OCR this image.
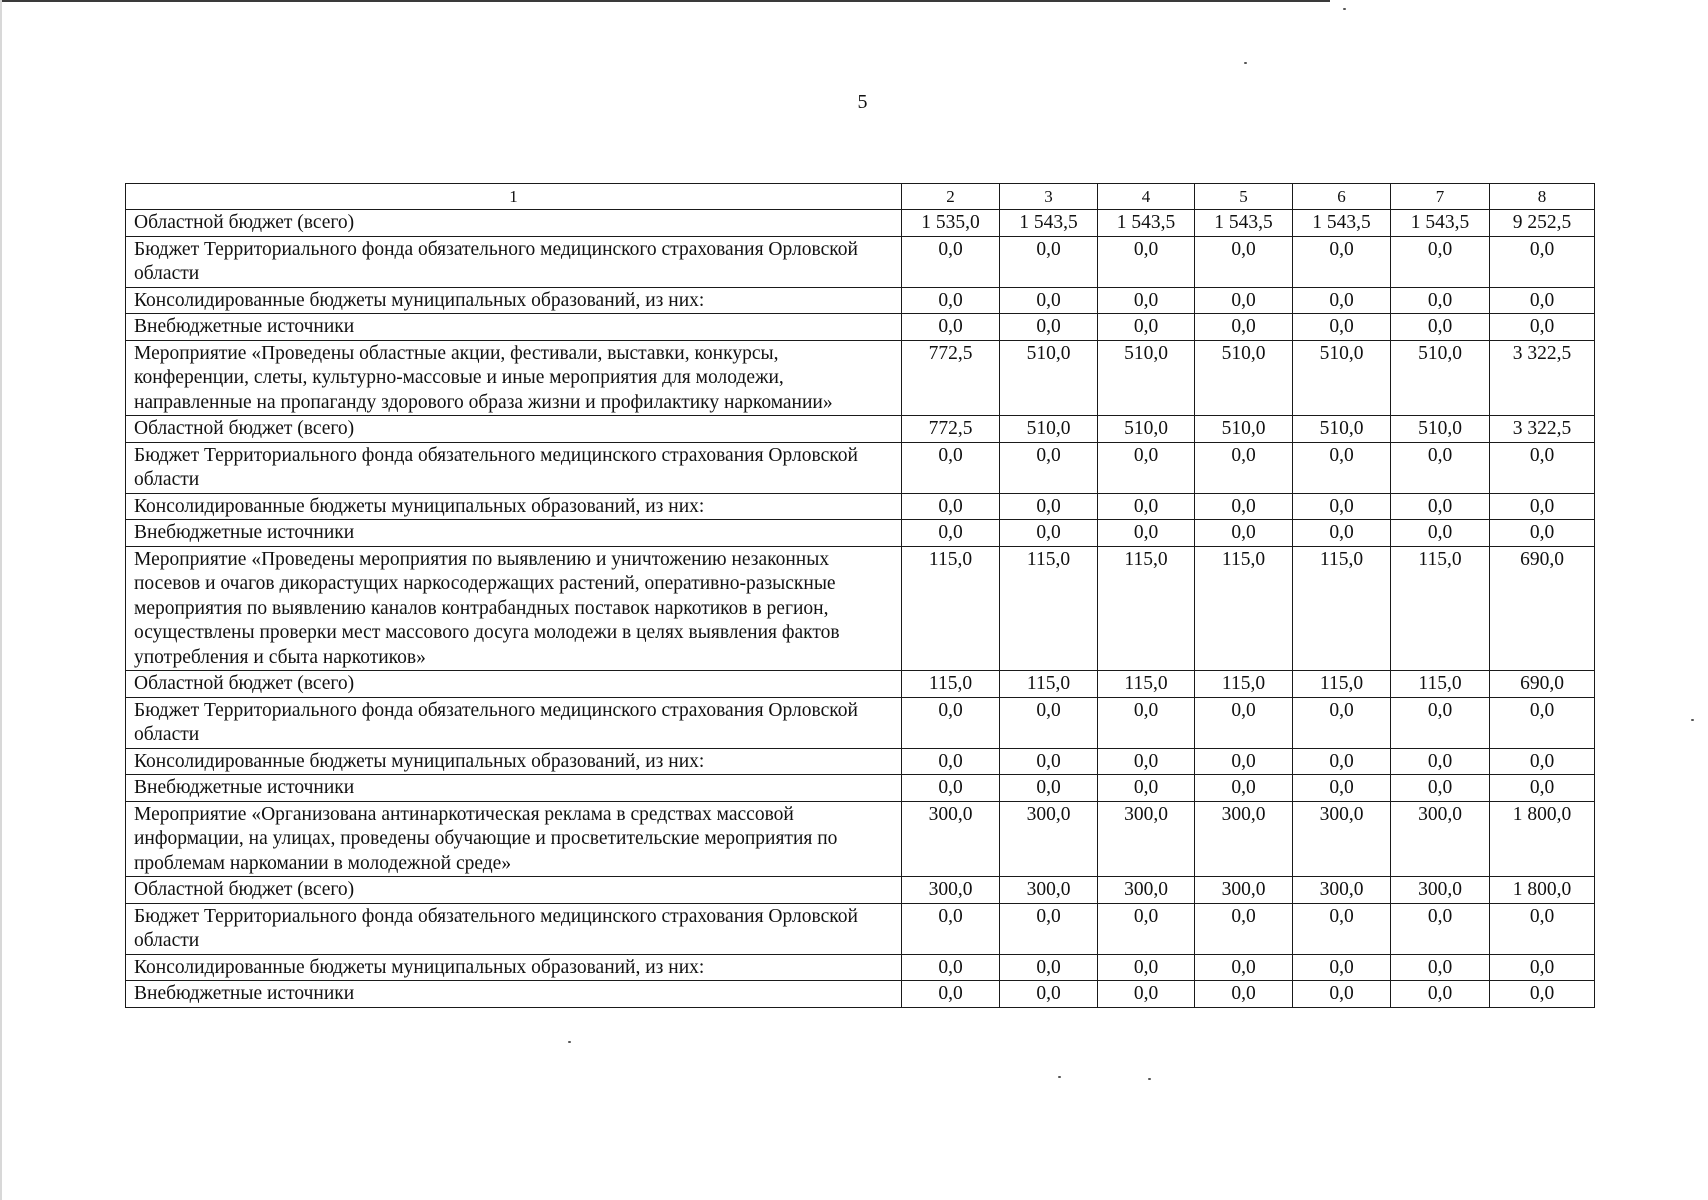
5
1	2	3	4	5	6	7	8
Областной бюджет (всего)	1 535,0	1 543,5	1 543,5	1 543,5	1 543,5	1 543,5	9 252,5
Бюджет Территориального фонда обязательного медицинского страхования Орловской области	0,0	0,0	0,0	0,0	0,0	0,0	0,0
Консолидированные бюджеты муниципальных образований, из них:	0,0	0,0	0,0	0,0	0,0	0,0	0,0
Внебюджетные источники	0,0	0,0	0,0	0,0	0,0	0,0	0,0
Мероприятие «Проведены областные акции, фестивали, выставки, конкурсы, конференции, слеты, культурно-массовые и иные мероприятия для молодежи, направленные на пропаганду здорового образа жизни и профилактику наркомании»	772,5	510,0	510,0	510,0	510,0	510,0	3 322,5
Областной бюджет (всего)	772,5	510,0	510,0	510,0	510,0	510,0	3 322,5
Бюджет Территориального фонда обязательного медицинского страхования Орловской области	0,0	0,0	0,0	0,0	0,0	0,0	0,0
Консолидированные бюджеты муниципальных образований, из них:	0,0	0,0	0,0	0,0	0,0	0,0	0,0
Внебюджетные источники	0,0	0,0	0,0	0,0	0,0	0,0	0,0
Мероприятие «Проведены мероприятия по выявлению и уничтожению незаконных посевов и очагов дикорастущих наркосодержащих растений, оперативно-разыскные мероприятия по выявлению каналов контрабандных поставок наркотиков в регион, осуществлены проверки мест массового досуга молодежи в целях выявления фактов употребления и сбыта наркотиков»	115,0	115,0	115,0	115,0	115,0	115,0	690,0
Областной бюджет (всего)	115,0	115,0	115,0	115,0	115,0	115,0	690,0
Бюджет Территориального фонда обязательного медицинского страхования Орловской области	0,0	0,0	0,0	0,0	0,0	0,0	0,0
Консолидированные бюджеты муниципальных образований, из них:	0,0	0,0	0,0	0,0	0,0	0,0	0,0
Внебюджетные источники	0,0	0,0	0,0	0,0	0,0	0,0	0,0
Мероприятие «Организована антинаркотическая реклама в средствах массовой информации, на улицах, проведены обучающие и просветительские мероприятия по проблемам наркомании в молодежной среде»	300,0	300,0	300,0	300,0	300,0	300,0	1 800,0
Областной бюджет (всего)	300,0	300,0	300,0	300,0	300,0	300,0	1 800,0
Бюджет Территориального фонда обязательного медицинского страхования Орловской области	0,0	0,0	0,0	0,0	0,0	0,0	0,0
Консолидированные бюджеты муниципальных образований, из них:	0,0	0,0	0,0	0,0	0,0	0,0	0,0
Внебюджетные источники	0,0	0,0	0,0	0,0	0,0	0,0	0,0
